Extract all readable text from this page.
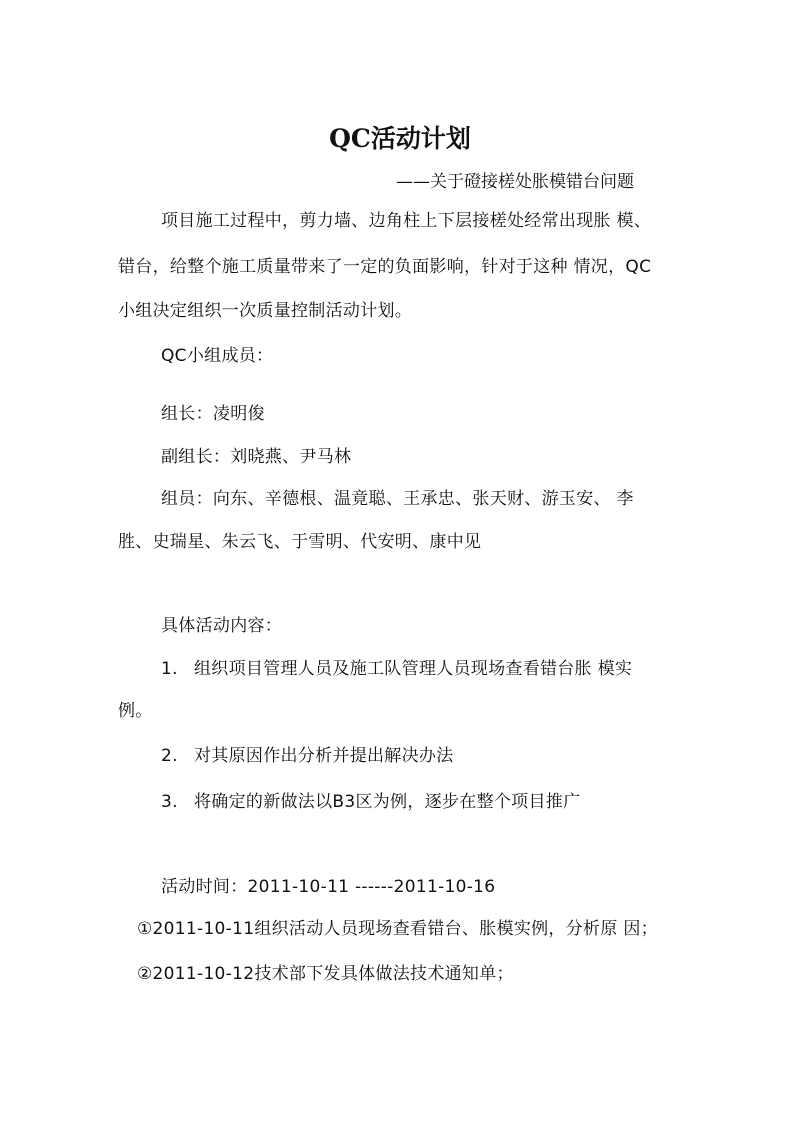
QC活动计划
——关于磴接槎处胀模错台问题
项目施工过程中，剪力墙、边角柱上下层接槎处经常出现胀 模、
错台，给整个施工质量带来了一定的负面影响，针对于这种 情况，QC
小组决定组织一次质量控制活动计划。
QC小组成员：
组长：凌明俊
副组长：刘晓燕、尹马林
组员：向东、辛德根、温竟聪、王承忠、张天财、游玉安、 李
胜、史瑞星、朱云飞、于雪明、代安明、康中见
具体活动内容：
1. 组织项目管理人员及施工队管理人员现场查看错台胀 模实
例。
2. 对其原因作出分析并提出解决办法
3. 将确定的新做法以B3区为例，逐步在整个项目推广
活动时间：2011-10-11 ------2011-10-16
①2011-10-11组织活动人员现场查看错台、胀模实例，分析原 因；
②2011-10-12技术部下发具体做法技术通知单；
